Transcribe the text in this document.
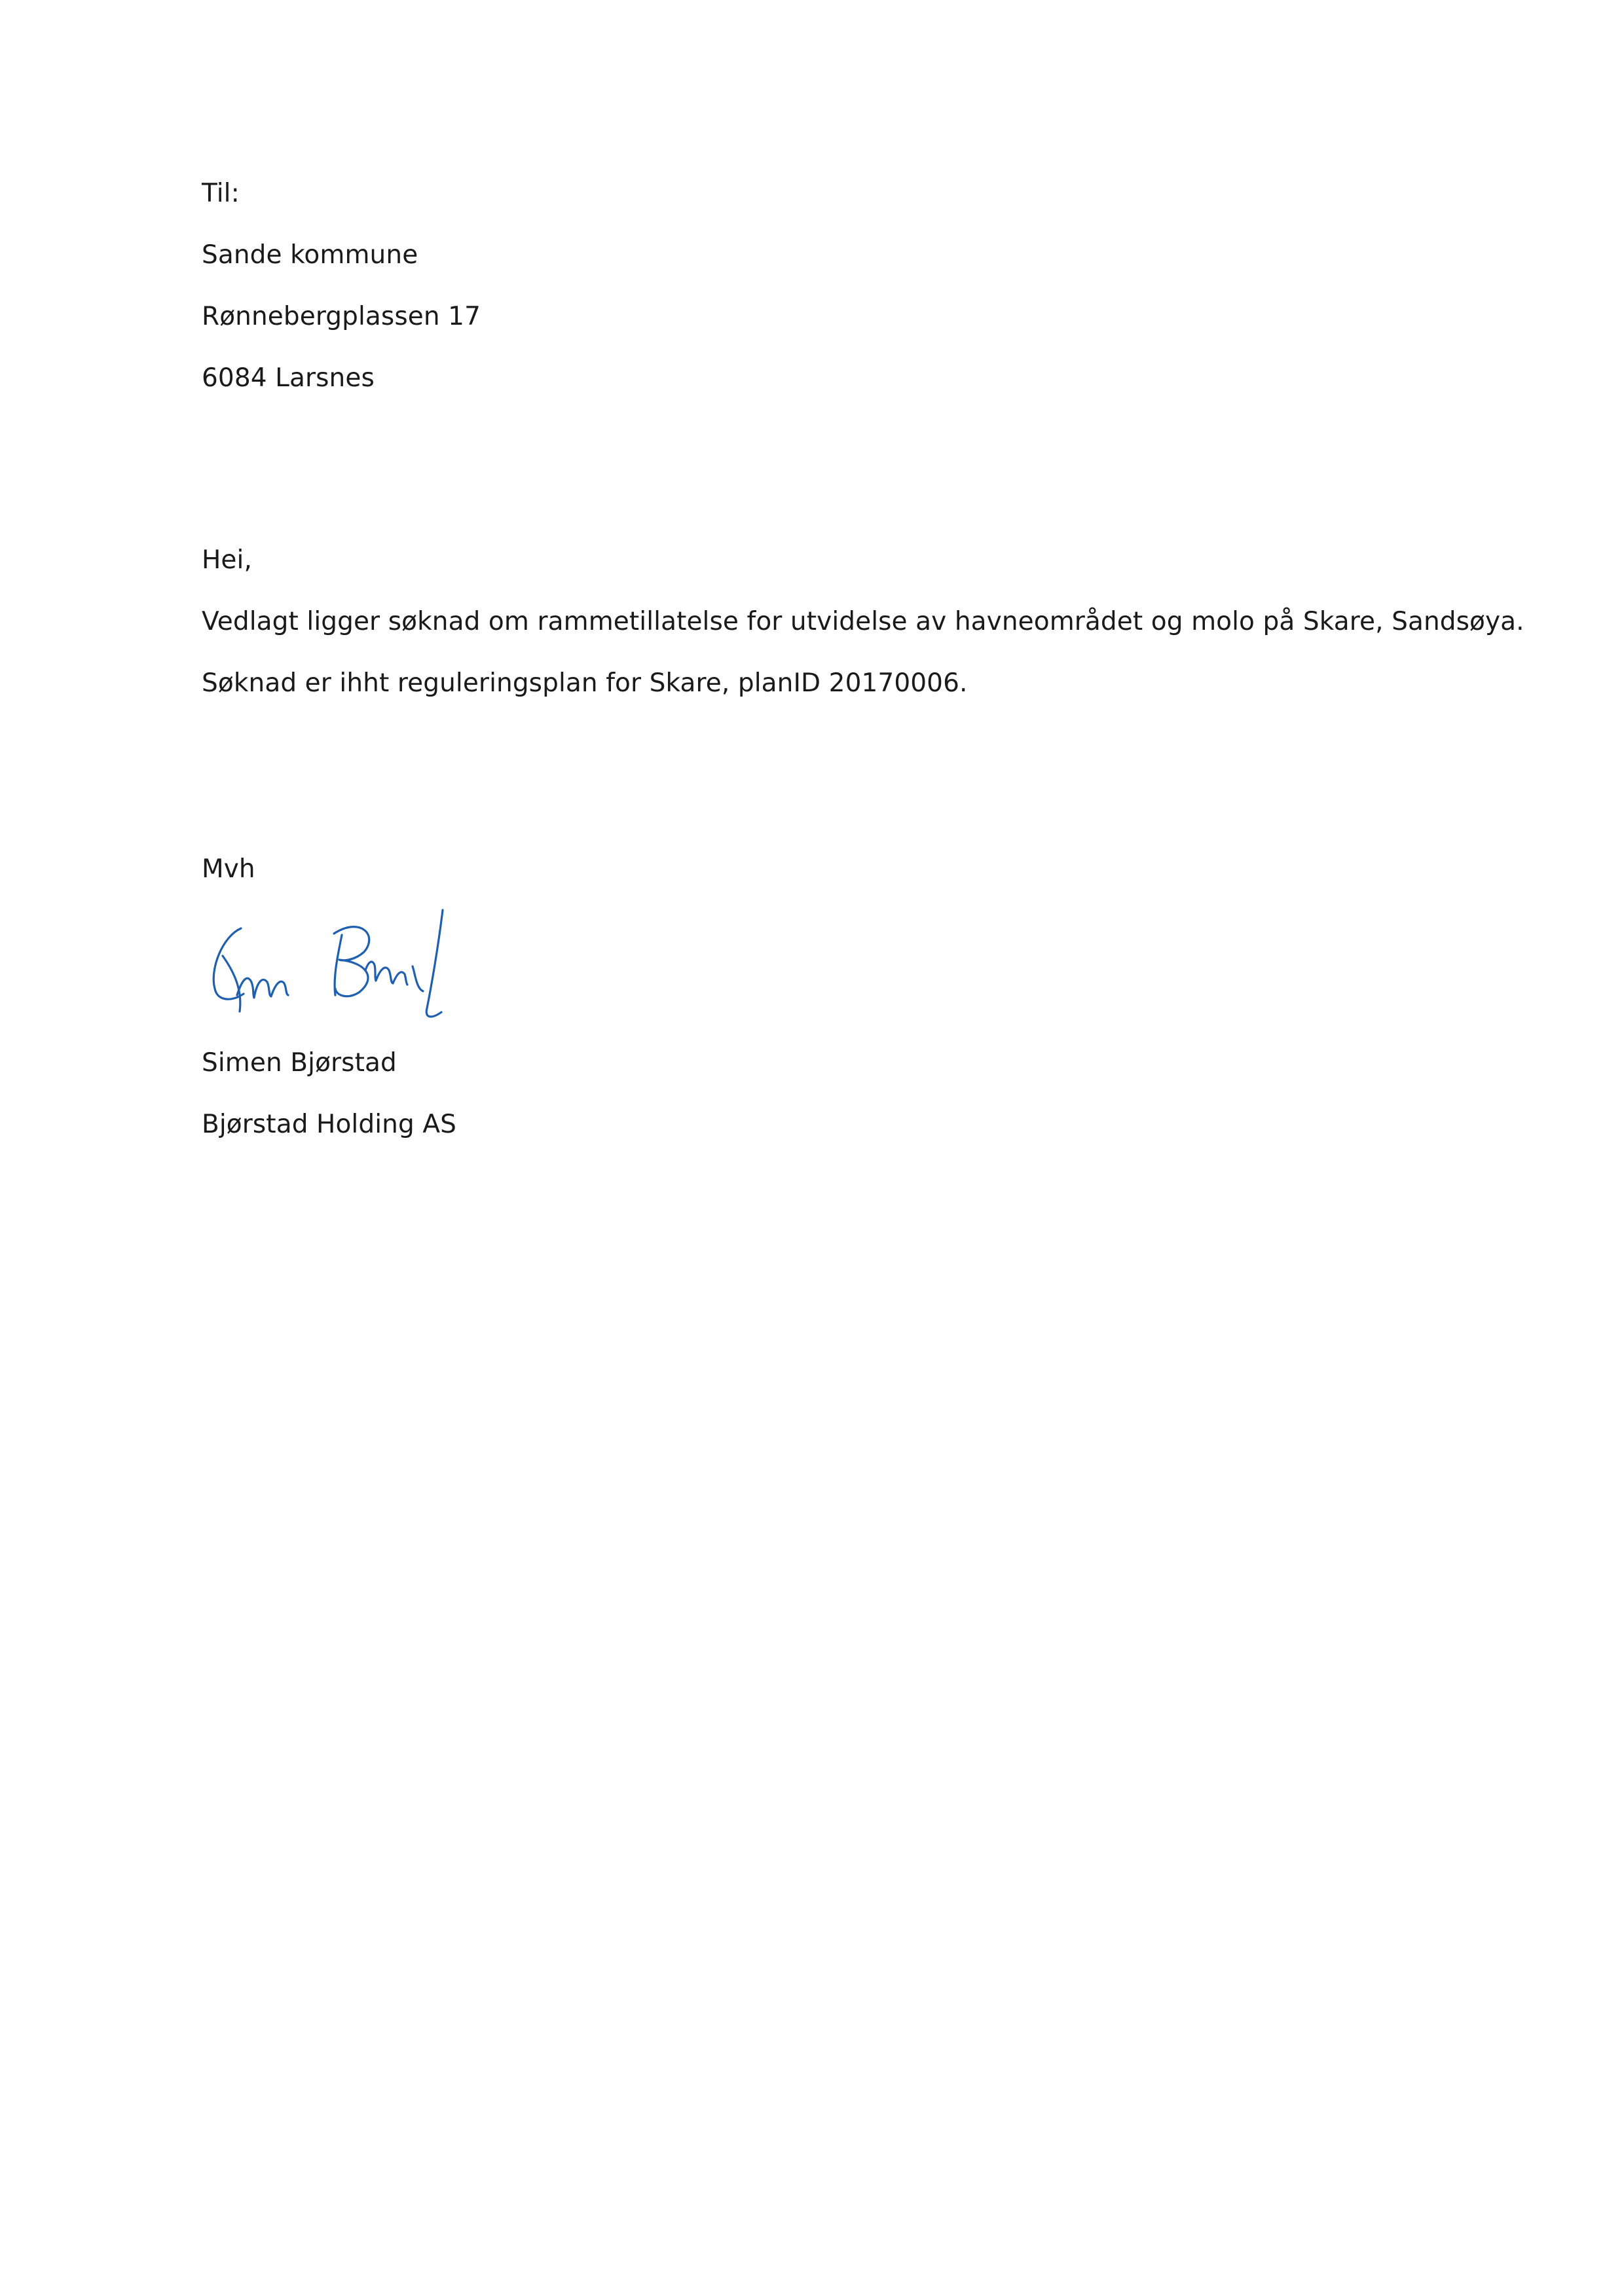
Til:
Sande kommune
Rønnebergplassen 17
6084 Larsnes
Hei,
Vedlagt ligger søknad om rammetillatelse for utvidelse av havneområdet og molo på Skare, Sandsøya.
Søknad er ihht reguleringsplan for Skare, planID 20170006.
Mvh
Simen Bjørstad
Bjørstad Holding AS
